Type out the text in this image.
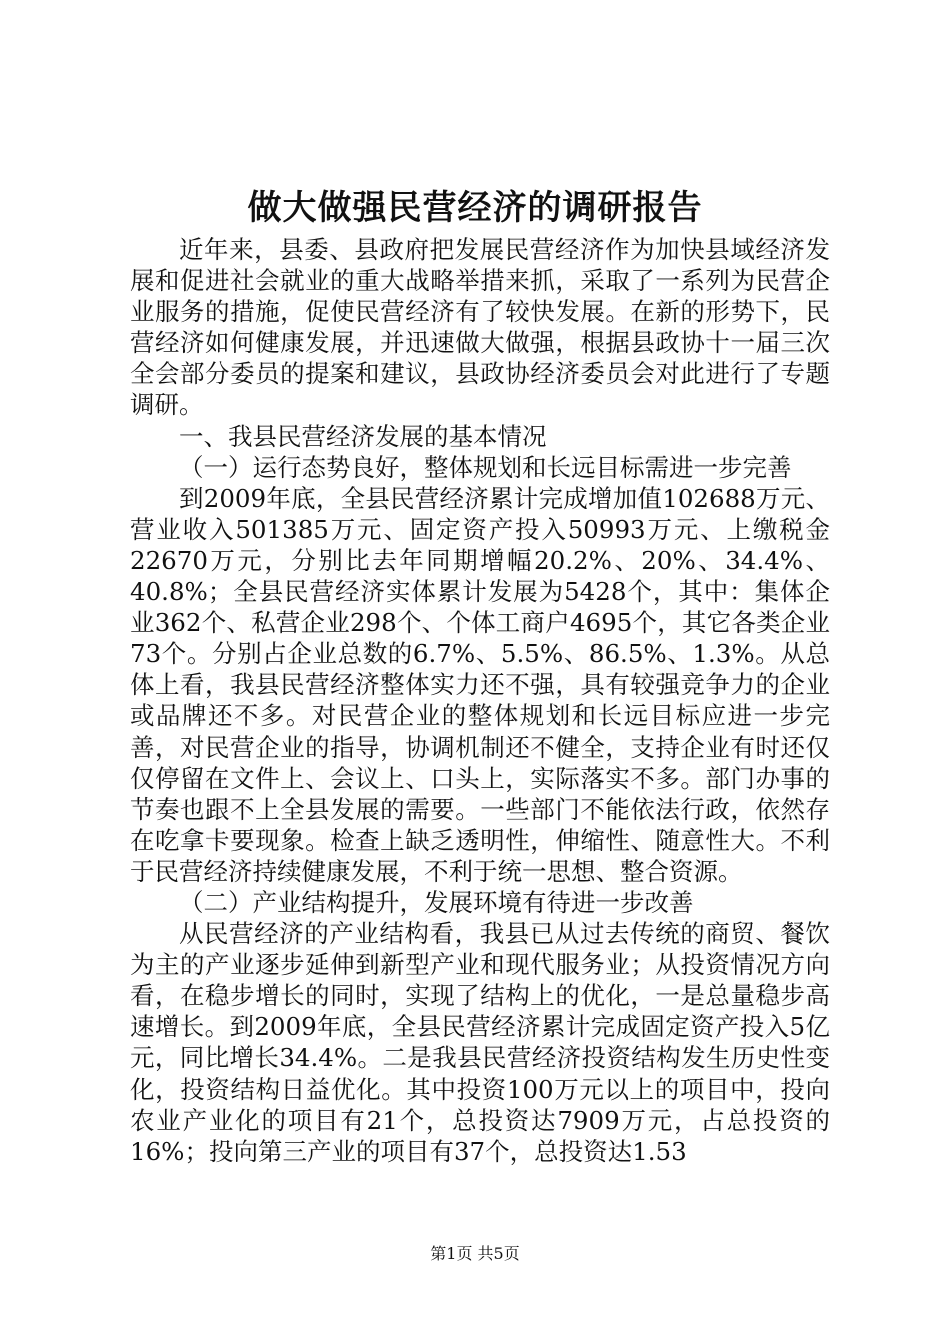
做大做强民营经济的调研报告

近年来，县委、县政府把发展民营经济作为加快县域经济发展和促进社会就业的重大战略举措来抓，采取了一系列为民营企业服务的措施，促使民营经济有了较快发展。在新的形势下，民营经济如何健康发展，并迅速做大做强，根据县政协十一届三次全会部分委员的提案和建议，县政协经济委员会对此进行了专题调研。

一、我县民营经济发展的基本情况

（一）运行态势良好，整体规划和长远目标需进一步完善

到2009年底，全县民营经济累计完成增加值102688万元、营业收入501385万元、固定资产投入50993万元、上缴税金22670万元，分别比去年同期增幅20.2%、20%、34.4%、40.8%；全县民营经济实体累计发展为5428个，其中：集体企业362个、私营企业298个、个体工商户4695个，其它各类企业73个。分别占企业总数的6.7%、5.5%、86.5%、1.3%。从总体上看，我县民营经济整体实力还不强，具有较强竞争力的企业或品牌还不多。对民营企业的整体规划和长远目标应进一步完善，对民营企业的指导，协调机制还不健全，支持企业有时还仅仅停留在文件上、会议上、口头上，实际落实不多。部门办事的节奏也跟不上全县发展的需要。一些部门不能依法行政，依然存在吃拿卡要现象。检查上缺乏透明性，伸缩性、随意性大。不利于民营经济持续健康发展，不利于统一思想、整合资源。

（二）产业结构提升，发展环境有待进一步改善

从民营经济的产业结构看，我县已从过去传统的商贸、餐饮为主的产业逐步延伸到新型产业和现代服务业；从投资情况方向看，在稳步增长的同时，实现了结构上的优化，一是总量稳步高速增长。到2009年底，全县民营经济累计完成固定资产投入5亿元，同比增长34.4%。二是我县民营经济投资结构发生历史性变化，投资结构日益优化。其中投资100万元以上的项目中，投向农业产业化的项目有21个，总投资达7909万元，占总投资的16%；投向第三产业的项目有37个，总投资达1.53

第1页 共5页
